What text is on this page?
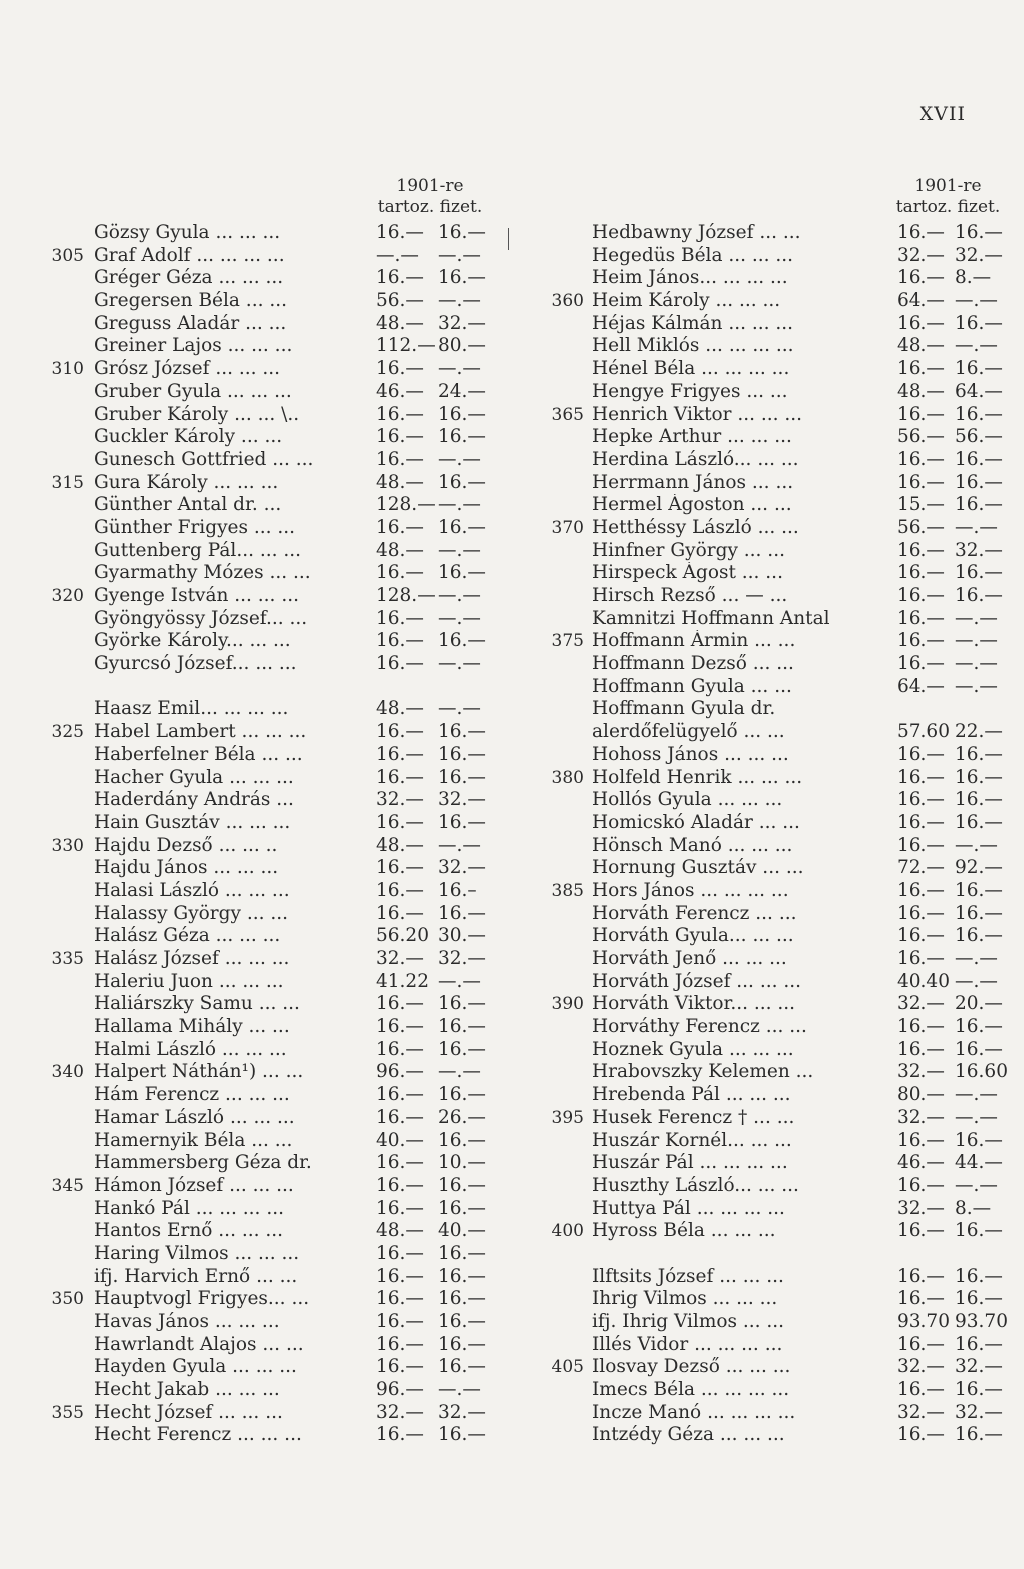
XVII
1901-re
tartoz. fizet.
Gözsy Gyula ... ... ...	16.— 16.—
305 Graf Adolf ... ... ... ...	—.— —.—
Gréger Géza ... ... ...	16.— 16.—
Gregersen Béla ... ...	56.— —.—
Greguss Aladár ... ...	48.— 32.—
Greiner Lajos ... ... ...	112.— 80.—
310 Grósz József ... ... ...	16.— —.—
Gruber Gyula ... ... ...	46.— 24.—
Gruber Károly ... ... \..	16.— 16.—
Guckler Károly ... ...	16.— 16.—
Gunesch Gottfried ... ...	16.— —.—
315 Gura Károly ... ... ...	48.— 16.—
Günther Antal dr. ...	128.— —.—
Günther Frigyes ... ...	16.— 16.—
Guttenberg Pál... ... ...	48.— —.—
Gyarmathy Mózes ... ...	16.— 16.—
320 Gyenge István ... ... ...	128.— —.—
Gyöngyössy József... ...	16.— —.—
Györke Károly... ... ...	16.— 16.—
Gyurcsó József... ... ...	16.— —.—
Haasz Emil... ... ... ...	48.— —.—
325 Habel Lambert ... ... ...	16.— 16.—
Haberfelner Béla ... ...	16.— 16.—
Hacher Gyula ... ... ...	16.— 16.—
Haderdány András ...	32.— 32.—
Hain Gusztáv ... ... ...	16.— 16.—
330 Hajdu Dezső ... ... ..	48.— —.—
Hajdu János ... ... ...	16.— 32.—
Halasi László ... ... ...	16.— 16.–
Halassy György ... ...	16.— 16.—
Halász Géza ... ... ...	56.20 30.—
335 Halász József ... ... ...	32.— 32.—
Haleriu Juon ... ... ...	41.22 —.—
Haliárszky Samu ... ...	16.— 16.—
Hallama Mihály ... ...	16.— 16.—
Halmi László ... ... ...	16.— 16.—
340 Halpert Náthán¹) ... ...	96.— —.—
Hám Ferencz ... ... ...	16.— 16.—
Hamar László ... ... ...	16.— 26.—
Hamernyik Béla ... ...	40.— 16.—
Hammersberg Géza dr.	16.— 10.—
345 Hámon József ... ... ...	16.— 16.—
Hankó Pál ... ... ... ...	16.— 16.—
Hantos Ernő ... ... ...	48.— 40.—
Haring Vilmos ... ... ...	16.— 16.—
ifj. Harvich Ernő ... ...	16.— 16.—
350 Hauptvogl Frigyes... ...	16.— 16.—
Havas János ... ... ...	16.— 16.—
Hawrlandt Alajos ... ...	16.— 16.—
Hayden Gyula ... ... ...	16.— 16.—
Hecht Jakab ... ... ...	96.— —.—
355 Hecht József ... ... ...	32.— 32.—
Hecht Ferencz ... ... ...	16.— 16.—
1901-re
tartoz. fizet.
Hedbawny József ... ...	16.— 16.—
Hegedüs Béla ... ... ...	32.— 32.—
Heim János... ... ... ...	16.— 8.—
360 Heim Károly ... ... ...	64.— —.—
Héjas Kálmán ... ... ...	16.— 16.—
Hell Miklós ... ... ... ...	48.— —.—
Hénel Béla ... ... ... ...	16.— 16.—
Hengye Frigyes ... ...	48.— 64.—
365 Henrich Viktor ... ... ...	16.— 16.—
Hepke Arthur ... ... ...	56.— 56.—
Herdina László... ... ...	16.— 16.—
Herrmann János ... ...	16.— 16.—
Hermel Ágoston ... ...	15.— 16.—
370 Hetthéssy László ... ...	56.— —.—
Hinfner György ... ...	16.— 32.—
Hirspeck Ágost ... ...	16.— 16.—
Hirsch Rezső ... — ...	16.— 16.—
Kamnitzi Hoffmann Antal	16.— —.—
375 Hoffmann Ármin ... ...	16.— —.—
Hoffmann Dezső ... ...	16.— —.—
Hoffmann Gyula ... ...	64.— —.—
Hoffmann Gyula dr.
alerdőfelügyelő ... ...	57.60 22.—
Hohoss János ... ... ...	16.— 16.—
380 Holfeld Henrik ... ... ...	16.— 16.—
Hollós Gyula ... ... ...	16.— 16.—
Homicskó Aladár ... ...	16.— 16.—
Hönsch Manó ... ... ...	16.— —.—
Hornung Gusztáv ... ...	72.— 92.—
385 Hors János ... ... ... ...	16.— 16.—
Horváth Ferencz ... ...	16.— 16.—
Horváth Gyula... ... ...	16.— 16.—
Horváth Jenő ... ... ...	16.— —.—
Horváth József ... ... ...	40.40 —.—
390 Horváth Viktor... ... ...	32.— 20.—
Horváthy Ferencz ... ...	16.— 16.—
Hoznek Gyula ... ... ...	16.— 16.—
Hrabovszky Kelemen ...	32.— 16.60
Hrebenda Pál ... ... ...	80.— —.—
395 Husek Ferencz † ... ...	32.— —.—
Huszár Kornél... ... ...	16.— 16.—
Huszár Pál ... ... ... ...	46.— 44.—
Huszthy László... ... ...	16.— —.—
Huttya Pál ... ... ... ...	32.— 8.—
400 Hyross Béla ... ... ...	16.— 16.—
Ilftsits József ... ... ...	16.— 16.—
Ihrig Vilmos ... ... ...	16.— 16.—
ifj. Ihrig Vilmos ... ...	93.70 93.70
Illés Vidor ... ... ... ...	16.— 16.—
405 Ilosvay Dezső ... ... ...	32.— 32.—
Imecs Béla ... ... ... ...	16.— 16.—
Incze Manó ... ... ... ...	32.— 32.—
Intzédy Géza ... ... ...	16.— 16.—
